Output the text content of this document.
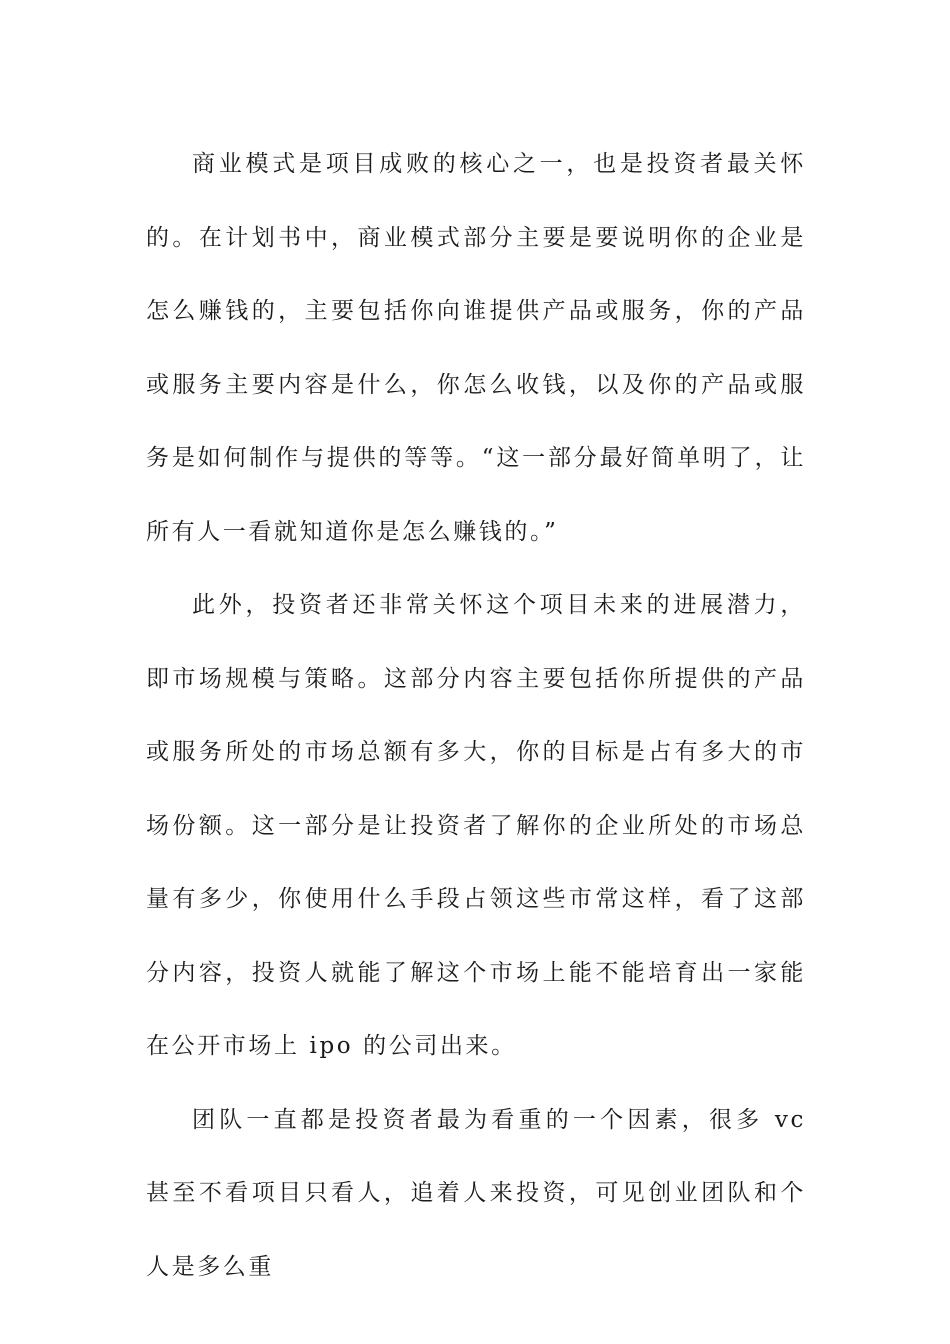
商业模式是项目成败的核心之一，也是投资者最关怀的。在计划书中，商业模式部分主要是要说明你的企业是怎么赚钱的，主要包括你向谁提供产品或服务，你的产品或服务主要内容是什么，你怎么收钱，以及你的产品或服务是如何制作与提供的等等。“这一部分最好简单明了，让所有人一看就知道你是怎么赚钱的。”

此外，投资者还非常关怀这个项目未来的进展潜力，即市场规模与策略。这部分内容主要包括你所提供的产品或服务所处的市场总额有多大，你的目标是占有多大的市场份额。这一部分是让投资者了解你的企业所处的市场总量有多少，你使用什么手段占领这些市常这样，看了这部分内容，投资人就能了解这个市场上能不能培育出一家能在公开市场上 ipo 的公司出来。

团队一直都是投资者最为看重的一个因素，很多 vc 甚至不看项目只看人，追着人来投资，可见创业团队和个人是多么重
